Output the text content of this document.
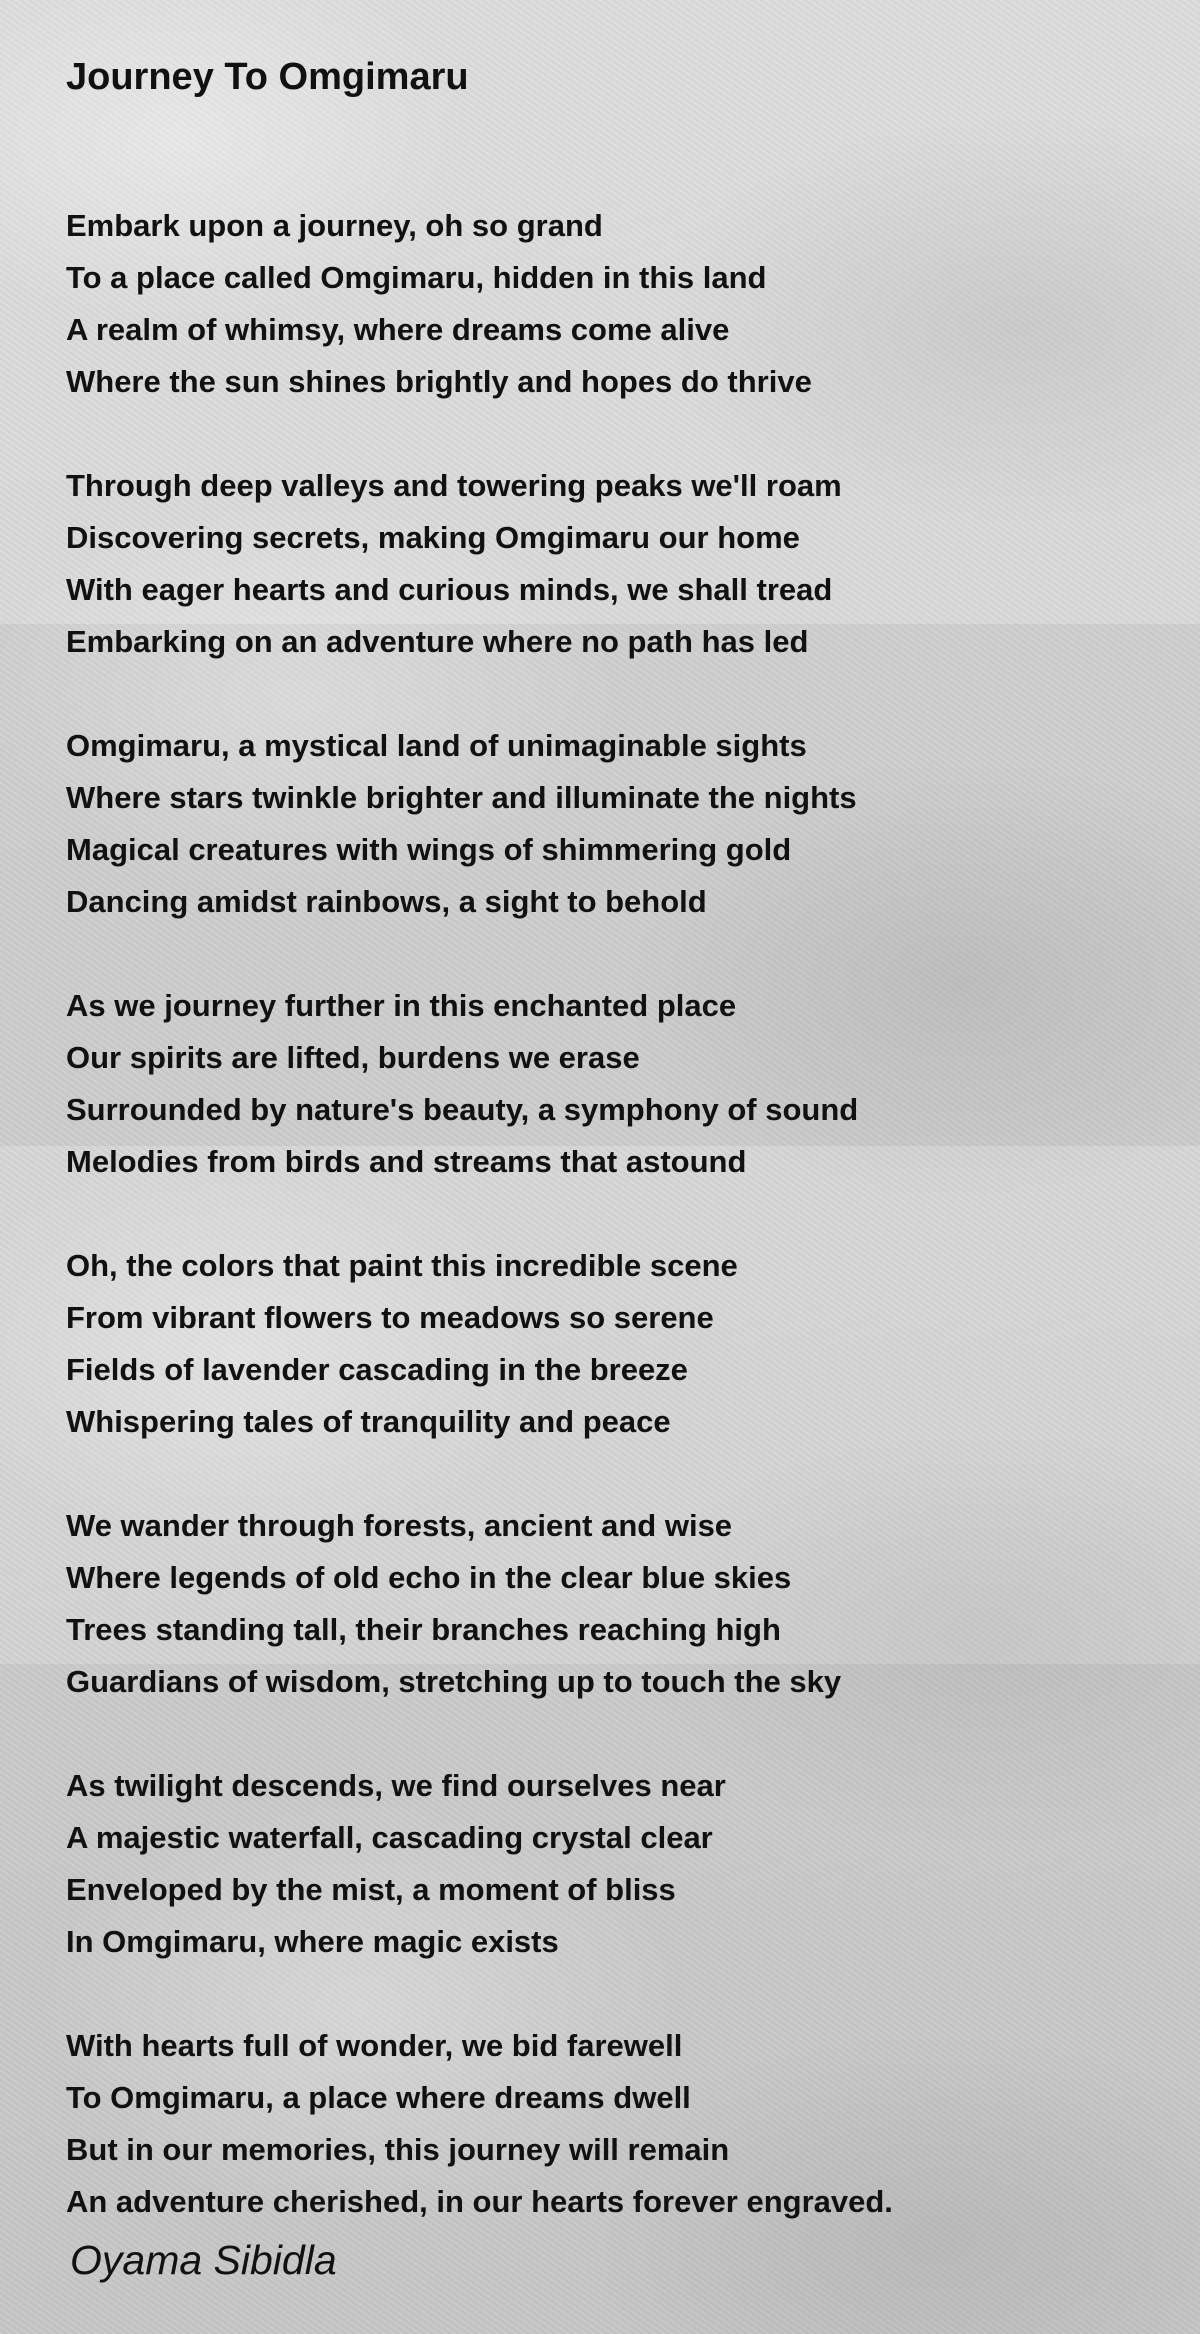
Journey To Omgimaru

Embark upon a journey, oh so grand
To a place called Omgimaru, hidden in this land
A realm of whimsy, where dreams come alive
Where the sun shines brightly and hopes do thrive

Through deep valleys and towering peaks we'll roam
Discovering secrets, making Omgimaru our home
With eager hearts and curious minds, we shall tread
Embarking on an adventure where no path has led

Omgimaru, a mystical land of unimaginable sights
Where stars twinkle brighter and illuminate the nights
Magical creatures with wings of shimmering gold
Dancing amidst rainbows, a sight to behold

As we journey further in this enchanted place
Our spirits are lifted, burdens we erase
Surrounded by nature's beauty, a symphony of sound
Melodies from birds and streams that astound

Oh, the colors that paint this incredible scene
From vibrant flowers to meadows so serene
Fields of lavender cascading in the breeze
Whispering tales of tranquility and peace

We wander through forests, ancient and wise
Where legends of old echo in the clear blue skies
Trees standing tall, their branches reaching high
Guardians of wisdom, stretching up to touch the sky

As twilight descends, we find ourselves near
A majestic waterfall, cascading crystal clear
Enveloped by the mist, a moment of bliss
In Omgimaru, where magic exists

With hearts full of wonder, we bid farewell
To Omgimaru, a place where dreams dwell
But in our memories, this journey will remain
An adventure cherished, in our hearts forever engraved.

Oyama Sibidla
